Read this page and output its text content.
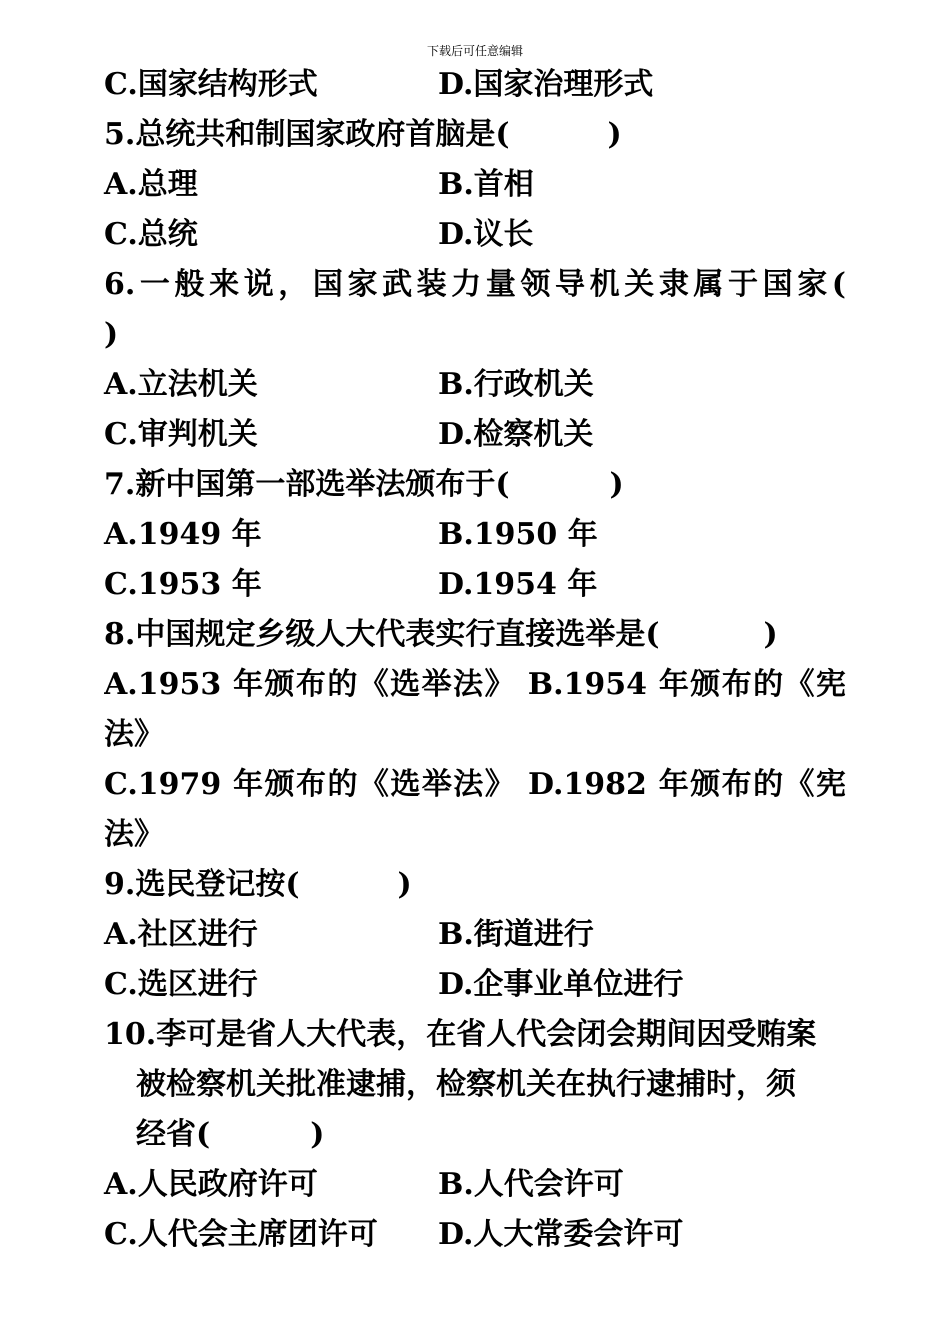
下载后可任意编辑
C.国家结构形式	D.国家治理形式
5.总统共和制国家政府首脑是(	)
A.总理	B.首相
C.总统	D.议长
6.一般来说，国家武装力量领导机关隶属于国家(
)
A.立法机关	B.行政机关
C.审判机关	D.检察机关
7.新中国第一部选举法颁布于(	)
A.1949 年	B.1950 年
C.1953 年	D.1954 年
8.中国规定乡级人大代表实行直接选举是(	)
A.1953 年颁布的《选举法》 B.1954 年颁布的《宪
法》
C.1979 年颁布的《选举法》 D.1982 年颁布的《宪
法》
9.选民登记按(	)
A.社区进行	B.街道进行
C.选区进行	D.企事业单位进行
10.李可是省人大代表，在省人代会闭会期间因受贿案
被检察机关批准逮捕，检察机关在执行逮捕时，须
经省(	)
A.人民政府许可	B.人代会许可
C.人代会主席团许可 D.人大常委会许可
